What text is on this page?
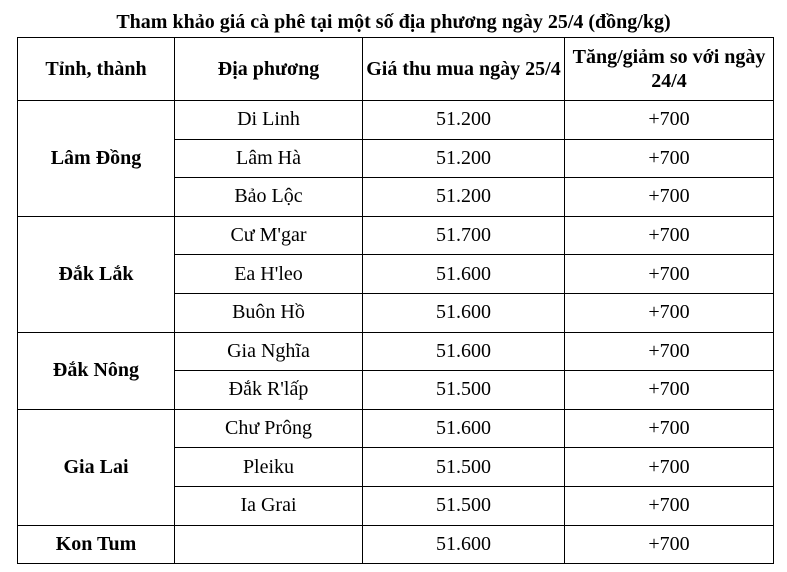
Tham khảo giá cà phê tại một số địa phương ngày 25/4 (đồng/kg)
Tỉnh, thành	Địa phương	Giá thu mua ngày 25/4	Tăng/giảm so với ngày 24/4
Lâm Đồng	Di Linh	51.200	+700
	Lâm Hà	51.200	+700
	Bảo Lộc	51.200	+700
Đắk Lắk	Cư M'gar	51.700	+700
	Ea H'leo	51.600	+700
	Buôn Hồ	51.600	+700
Đắk Nông	Gia Nghĩa	51.600	+700
	Đắk R'lấp	51.500	+700
Gia Lai	Chư Prông	51.600	+700
	Pleiku	51.500	+700
	Ia Grai	51.500	+700
Kon Tum		51.600	+700
